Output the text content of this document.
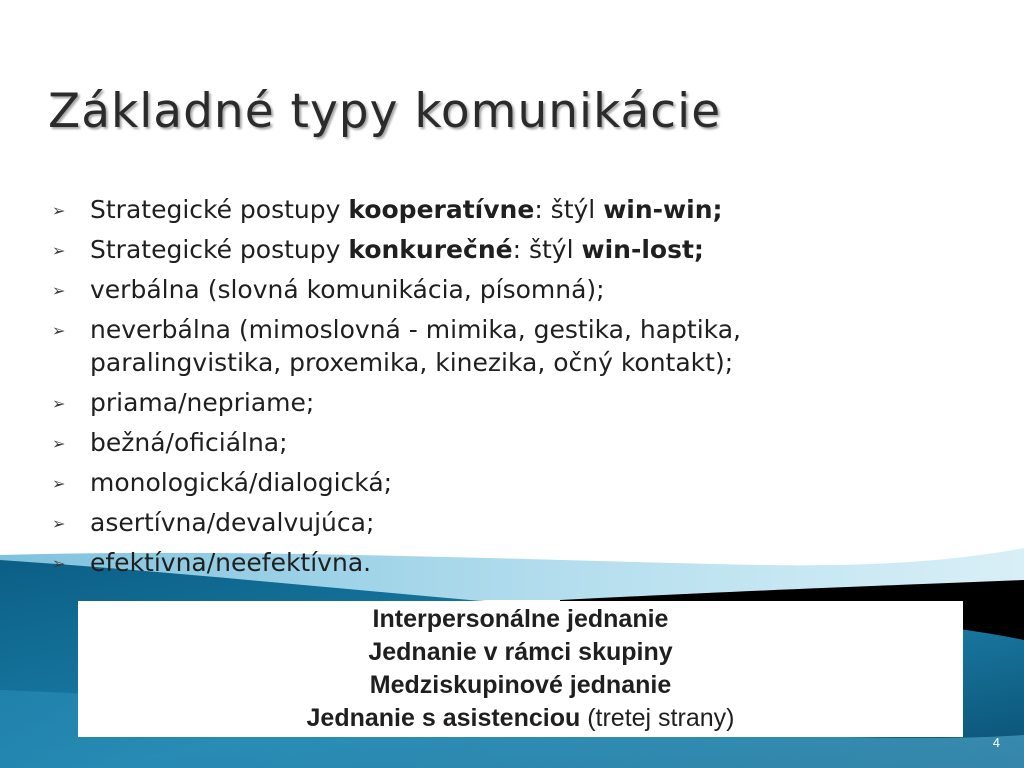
Základné typy komunikácie
➢ Strategické postupy kooperatívne: štýl win-win;
➢ Strategické postupy konkurečné: štýl win-lost;
➢ verbálna (slovná komunikácia, písomná);
➢ neverbálna (mimoslovná - mimika, gestika, haptika,
paralingvistika, proxemika, kinezika, očný kontakt);
➢ priama/nepriame;
➢ bežná/oficiálna;
➢ monologická/dialogická;
➢ asertívna/devalvujúca;
➢ efektívna/neefektívna.
Interpersonálne jednanie
Jednanie v rámci skupiny
Medziskupinové jednanie
Jednanie s asistenciou (tretej strany)
4
